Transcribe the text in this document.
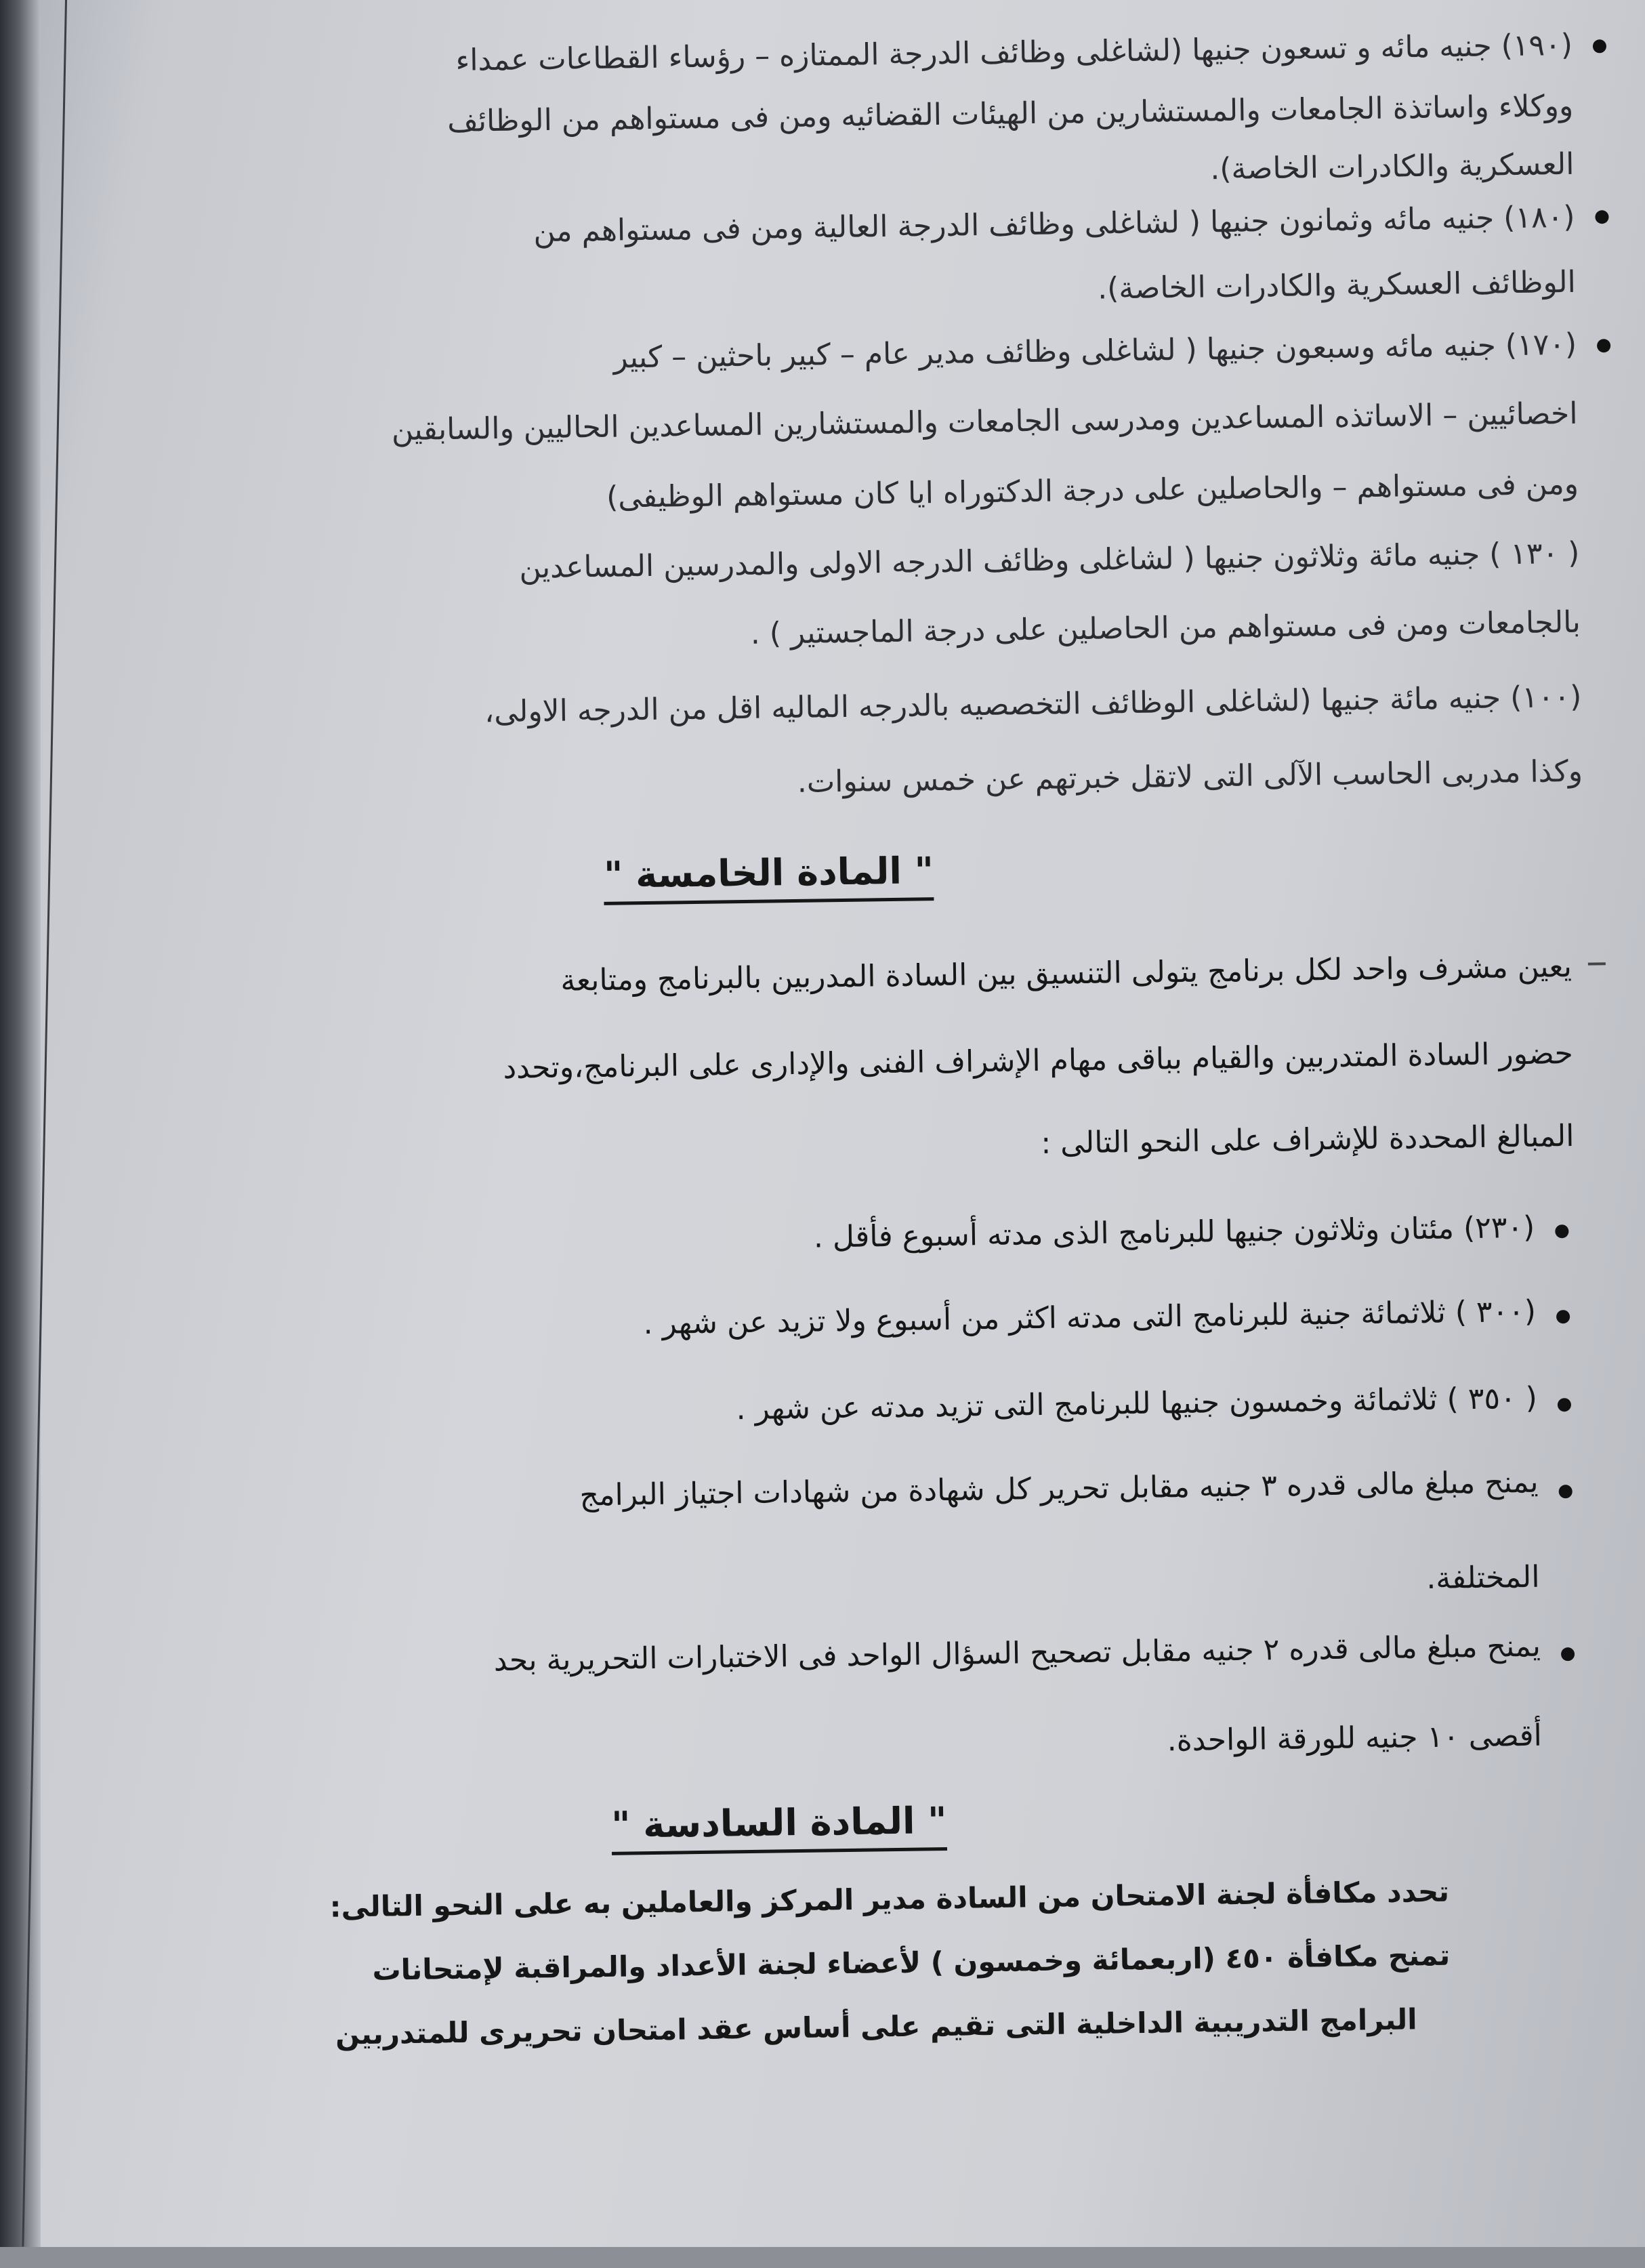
(١٩٠) جنيه مائه و تسعون جنيها (لشاغلى وظائف الدرجة الممتازه – رؤساء القطاعات عمداء
ووكلاء واساتذة الجامعات والمستشارين من الهيئات القضائيه ومن فى مستواهم من الوظائف
العسكرية والكادرات الخاصة).
(١٨٠) جنيه مائه وثمانون جنيها ( لشاغلى وظائف الدرجة العالية ومن فى مستواهم من
الوظائف العسكرية والكادرات الخاصة).
(١٧٠) جنيه مائه وسبعون جنيها ( لشاغلى وظائف مدير عام – كبير باحثين – كبير
اخصائيين – الاساتذه المساعدين ومدرسى الجامعات والمستشارين المساعدين الحاليين والسابقين
ومن فى مستواهم – والحاصلين على درجة الدكتوراه ايا كان مستواهم الوظيفى)
( ١٣٠ ) جنيه مائة وثلاثون جنيها ( لشاغلى وظائف الدرجه الاولى والمدرسين المساعدين
بالجامعات ومن فى مستواهم من الحاصلين على درجة الماجستير ) .
(١٠٠) جنيه مائة جنيها (لشاغلى الوظائف التخصصيه بالدرجه الماليه اقل من الدرجه الاولى،
وكذا مدربى الحاسب الآلى التى لاتقل خبرتهم عن خمس سنوات.
" المادة الخامسة "
يعين مشرف واحد لكل برنامج يتولى التنسيق بين السادة المدربين بالبرنامج ومتابعة
حضور السادة المتدربين والقيام بباقى مهام الإشراف الفنى والإدارى على البرنامج،وتحدد
المبالغ المحددة للإشراف على النحو التالى :
(٢٣٠) مئتان وثلاثون جنيها للبرنامج الذى مدته أسبوع فأقل .
(٣٠٠ ) ثلاثمائة جنية للبرنامج التى مدته اكثر من أسبوع ولا تزيد عن شهر .
( ٣٥٠ ) ثلاثمائة وخمسون جنيها للبرنامج التى تزيد مدته عن شهر .
يمنح مبلغ مالى قدره ٣ جنيه مقابل تحرير كل شهادة من شهادات اجتياز البرامج
المختلفة.
يمنح مبلغ مالى قدره ٢ جنيه مقابل تصحيح السؤال الواحد فى الاختبارات التحريرية بحد
أقصى ١٠ جنيه للورقة الواحدة.
" المادة السادسة "
تحدد مكافأة لجنة الامتحان من السادة مدير المركز والعاملين به على النحو التالى:
تمنح مكافأة ٤٥٠ (اربعمائة وخمسون ) لأعضاء لجنة الأعداد والمراقبة لإمتحانات
البرامج التدريبية الداخلية التى تقيم على أساس عقد امتحان تحريرى للمتدربين
